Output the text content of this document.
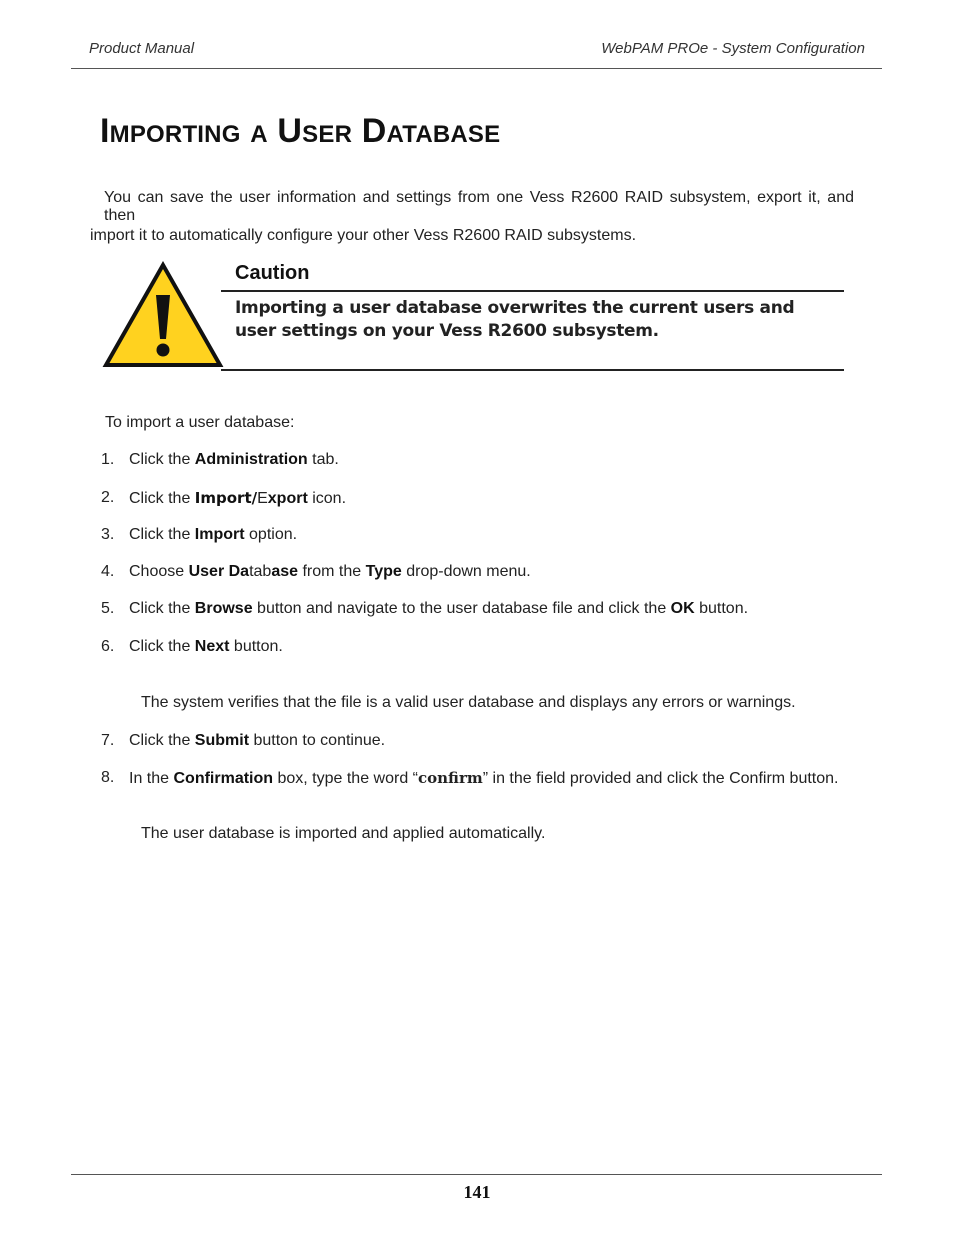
Product Manual	WebPAM PROe - System Configuration
Importing a User Database
You can save the user information and settings from one Vess R2600 RAID subsystem, export it, and then
import it to automatically configure your other Vess R2600 RAID subsystems.
Caution
Importing a user database overwrites the current users and user settings on your Vess R2600 subsystem.
To import a user database:
1. Click the Administration tab.
2. Click the Import/Export icon.
3. Click the Import option.
4. Choose User Database from the Type drop-down menu.
5. Click the Browse button and navigate to the user database file and click the OK button.
6. Click the Next button.
The system verifies that the file is a valid user database and displays any errors or warnings.
7. Click the Submit button to continue.
8. In the Confirmation box, type the word “confirm” in the field provided and click the Confirm button.
The user database is imported and applied automatically.
141
